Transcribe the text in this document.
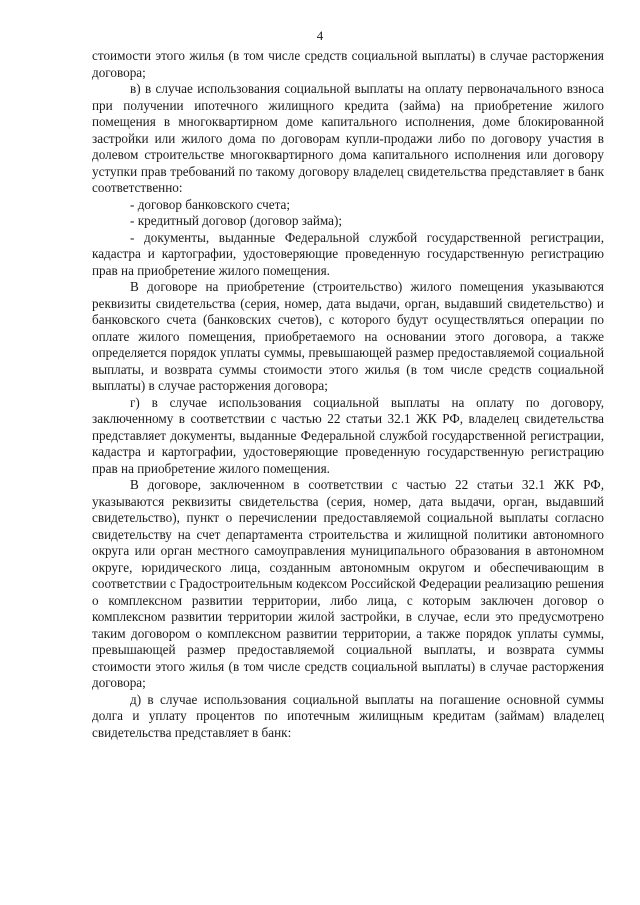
4

стоимости этого жилья (в том числе средств социальной выплаты) в случае расторжения договора;

в) в случае использования социальной выплаты на оплату первоначального взноса при получении ипотечного жилищного кредита (займа) на приобретение жилого помещения в многоквартирном доме капитального исполнения, доме блокированной застройки или жилого дома по договорам купли-продажи либо по договору участия в долевом строительстве многоквартирного дома капитального исполнения или договору уступки прав требований по такому договору владелец свидетельства представляет в банк соответственно:

- договор банковского счета;

- кредитный договор (договор займа);

- документы, выданные Федеральной службой государственной регистрации, кадастра и картографии, удостоверяющие проведенную государственную регистрацию прав на приобретение жилого помещения.

В договоре на приобретение (строительство) жилого помещения указываются реквизиты свидетельства (серия, номер, дата выдачи, орган, выдавший свидетельство) и банковского счета (банковских счетов), с которого будут осуществляться операции по оплате жилого помещения, приобретаемого на основании этого договора, а также определяется порядок уплаты суммы, превышающей размер предоставляемой социальной выплаты, и возврата суммы стоимости этого жилья (в том числе средств социальной выплаты) в случае расторжения договора;

г) в случае использования социальной выплаты на оплату по договору, заключенному в соответствии с частью 22 статьи 32.1 ЖК РФ, владелец свидетельства представляет документы, выданные Федеральной службой государственной регистрации, кадастра и картографии, удостоверяющие проведенную государственную регистрацию прав на приобретение жилого помещения.

В договоре, заключенном в соответствии с частью 22 статьи 32.1 ЖК РФ, указываются реквизиты свидетельства (серия, номер, дата выдачи, орган, выдавший свидетельство), пункт о перечислении предоставляемой социальной выплаты согласно свидетельству на счет департамента строительства и жилищной политики автономного округа или орган местного самоуправления муниципального образования в автономном округе, юридического лица, созданным автономным округом и обеспечивающим в соответствии с Градостроительным кодексом Российской Федерации реализацию решения о комплексном развитии территории, либо лица, с которым заключен договор о комплексном развитии территории жилой застройки, в случае, если это предусмотрено таким договором о комплексном развитии территории, а также порядок уплаты суммы, превышающей размер предоставляемой социальной выплаты, и возврата суммы стоимости этого жилья (в том числе средств социальной выплаты) в случае расторжения договора;

д) в случае использования социальной выплаты на погашение основной суммы долга и уплату процентов по ипотечным жилищным кредитам (займам) владелец свидетельства представляет в банк:
